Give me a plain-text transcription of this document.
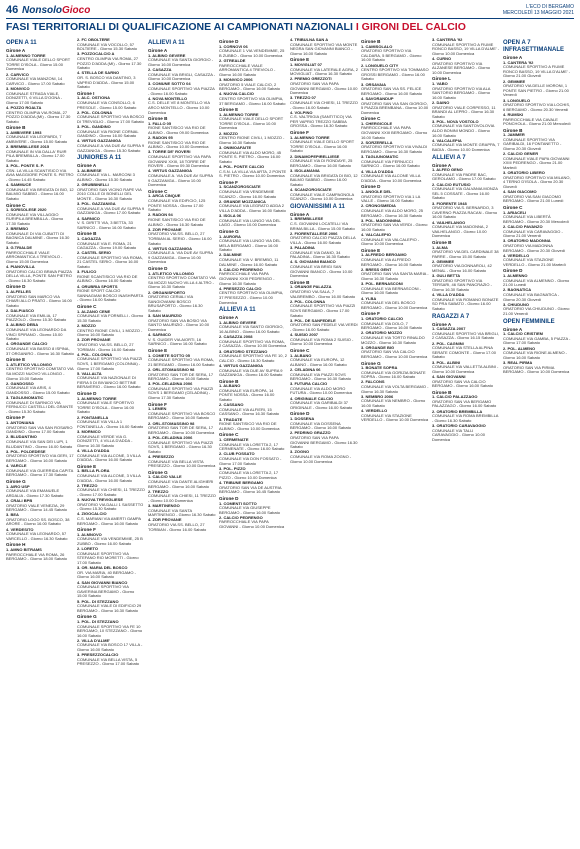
46 NonsoloGioco	L'ECO DI BERGAMO
MERCOLEDÌ 13 MAGGIO 2021
FASI TERRITORIALI DI QUALIFICAZIONE AI CAMPIONATI NAZIONALI I GIRONI DEL CALCIO
OPEN A 11
Girone A
1. ALMENNO TORRE
COMUNALE VIALE DELLO SPORT TORRE D'ISOLA - Giorno 15.00 Domenica
2. CARVICO
COMUNALE VIA MANZONI, 14 CARVICO - Giorno 17.00 Sabato
3. MONVICO
COMUNALE STRADA VIALE, DONIZETTI, 6 VILLA D'OGNA - Giorno 17.00 Sabato
4. POZZO ROALTA
CENTRO OLIMPIA VIA ROMA, 27 POZZO D'ADDA (MI) - Giorno 17.30 Sabato
Girone B
1. AMBIVERE 1993
COMUNALE VIA LEOPARDI, 7 AMBIVERE - Giorno 15.00 Sabato
2. BREMBILLESE 2015
COMUNALE IN VIA DALLA' RUIR PILA BREMBILLA - Giorno 17.00 Sabato
3. POL. PONTE S. P.
CSN. LA VILLA SCANTISICO VIA AVIA MAGGIORE PONTE S. PIETRO - Giorno 14.45 Sabato
4. SAMMUCE
COMUNALE VIA BRIGATA DI BIO, 12 BALMIO SABBIO - Giorno 16.00 Sabato
Girone C
1. SORISOLESE 2020
COMUNALE VIA VILLAGGIO RURIPILA BREMBILLA - Giorno 17.30 Sabato
2. BREMBO
COMUNALE DI VIA CUBATTI DI BAGNICA DALMINE - Giorno 16.30 Sabato
3. G.TRIALDE
PARROCCHIALE VIALE ARROMANTICA 4 TREVIOLO - Giorno 15.00 Domenica
4. PIANOVILLA
ORATORIO CALCIO BRAVA PIAZZA DELLA VILLA, PONTE SAN PIETRO - Giorno 16.30 Sabato
Girone D
1. ALFELLES
ORATORIO SAN MARCO VIA CHIARI ALLO PRATO - Giorno 16.00 Sabato
2. DALPIASCO
COMUNALE VIA EMILIA, 17 PIAZZOLO - Giorno 15.30 Sabato
3. ALBINO DEBA
COMUNALE VIA LEONARDO DA VINCI SPIRANO - Giorno 15.00 Sabato
4. ORGANDE CALCIO
COMUNALE VIA BASSO 8 ISPINA, 37 ORGANIRO - Giorno 16.30 Sabato
Girone E
1. ATLETICO VILLONGO
CENTRO SPORTIVO COMITATO VIA SA MOZZI NUOVO VILLONGO - Giorno 15.00 Sabato
2. GANDOSSO
COMUNALE VIA ARIS, 4 GANDOSSO - Giorno 15.00 Sabato
3. TAGLIUNOMATIC
COMUNALE DI SARNICO VIA FERNUCCI CASTELLI DEL GRANTE - Giorno 15.30 Sabato
Girone F
1. ANTONIANA
ORATORIO SAN VIA SAN ROSARIO GANDINO - Giorno 17.00 Sabato
2. BLUDANTINO
COMUNALE VIA SAN DEI LUPI, 1 BLUDANTINO - Giorno 16.00 Sabato
3. POL. POLDEDESE
ORATORIO SPORTIVO VIA GERI, 17 BERGAMO - Giorno 16.00 Sabato
4. VARCLE
COMUNALE VIA GUERRIDA CAPITA BERGAMO - Giorno 17.30 Sabato
Girone G
1. AIRO USP
COMUNALE VIA EMANUELE ARDALIA - Giorno 17.30 Sabato
2. CRALI BPB
ORATORIO VIALE VENEZIA, 29 BERGAMO - Giorno 14.45 Sabato
3. BEA
ORATORIO LOGO SS. BOSCO, 38 ARORE - Giorno 16.00 Sabato
4. VERDESITO
COMUNALE VIA LEONARDO, 57 VARCELLO - Giorno 16.30 Sabato
Girone H
1. AMNO BITRAMS
PARROCCHIALE VIA ROMA, 26 BERGAMO - Giorno 18.00 Sabato
2. FC OBOLTERE
COMUNALE VIA VOCOLLO, 57 BOLTIERE - Giorno 15.30 Sabato
3. POZZOCALCIO A
CENTRO OLIMPIA VIA ROMA, 27 POZZO D'ADDA (MI) - Giorno 17.30 Sabato
4. STELLA DE SARNO
OR. S. BOSCO VIA DANTINO, 3 VAPRIO D'ADDA - Giorno 15.00 Sabato
Girone I
1. ALC. OSTIONA
COMUNALE VIA CONSOLLO, 6 PRESOLE - Giorno 15.00 Sabato
2. POL. COLONNA
COMUNALE SPORTIVO VIA BOSCO DI TREVIGLIO - Giorno 17.00 Sabato
3. POL. GANDINO
COMUNALE VIA RIONE CORNAL GANDINO - Giorno 16.00 Sabato
4. VIRTUS GAZZANIGA
COMUNALE A.VIA DUE AV SUPRA 9 GAZZANIGA - Giorno 15.30 Sabato
JUNIORES A 11
Girone A
1. ALBINESE
COMUNALE VIA L. MARCONI 3 ALBINO - Giorno 15.30 Sabato
2. GRUBBINELLI
ORATORIO SAN VICINO RAPE VIA 2010 COLLE DI BONELLI DEL MONTE - Giorno 16.30 Sabato
3. POL. GAZZANIGA
COMUNALE A.VIA DUE AV SUPRA 9 GAZZANIGA - Giorno 17.00 Sabato
4. SARNICO
V. S. DIRITTI VIA, 3 BETTA, 33 SARNICO - Giorno 16.00 Sabato
Girone B
1. CAGAZZA
COMUNALE VIA E. ROMA, 21 CAGAZZA - Giorno 19.00 Sabato
2. CASTEL SERIO
COMUNALE SPORTIVO VIA ROMA, 21 CASTEL SERIO - Giorno 16.00 Sabato
3. FULICO
RIONE SCANTISICO VIA RIO DE ALBINO - Giorno 16.00 Sabato
4. ORUBRIA SPORTS
RIONE SPORT CALCIO SANNAGIANI BOSCO INASHPARTA - Giorno 16.00 Sabato
Girone C
1. ALZANO CENE
COMUNALE VIA FORNELLI - Giorno 15.30 Sabato
2. MOZZO
CENTRO RIONE CIVILI, 1 MOZZO - Giorno 16.00 Sabato
3. ZOR PROVANE
ORATORIO VIA SS. BELLO, 27 TORBIAN - Giorno 16.00 Sabato
4. POL. COLONNA
COMUNALE SPORTIVO VIA PIAZZI SOVS, 1 BERGAMO (COLONNA) - Giorno 17.00 Sabato
5. VALLALTA
COMUNALE VIA NAZIONALE DI FIERA 5 DI BIVIANICO BETTINE BERAVERIO - Giorno 16.00 Sabato
Girone D
1. ALMENNO TORRE
COMUNALE VIALE SPORTIVO TORRE D'ISOLA - Giorno 16.00 Sabato
2. FONTANELLA
COMUNALE VIA VILLA 1 FONTANELLA - Giorno 16.00 Sabato
3. MORNICO
COMUNALE VERDE VIA G. DONIZETTI, 4 VILLA D'ADDA - Giorno 16.30 Sabato
4. VILLA D'ADDA
COMUNALE VIA ALCONE, 3 VILLA D'ADDA - Giorno 16.00 Sabato
Girone E
1. BELLA FLORA
COMUNALE VIA ALCONE, 3 VILLA D'ADDA - Giorno 16.00 Sabato
2. TREZZO
COMUNALE VIA CHIESI, 11 TREZZO - Giorno 17.00 Sabato
3. NUOVA TREVIGLIESE
ORATORIO VIA DALLI 1 SASSETTO - Giorno 15.30 Sabato
4. ZIGOCALCIO
C.S. MARIANI VIA AMERTI GAMPA BERGAMO - Giorno 16.00 Sabato
Girone F
1. ALMNOVO
COMUNALE VIA VENDEMMIE, 25 B ZUBBO - Giorno 16.00 Sabato
2. LORETO
COMUNALE SPORTIVO VIA STEFANO RIO MORETTI - Giorno 17.00 Sabato
3. OR. MARIA DEL BOSCO
OR. VIA MARIA, 40 BERGAMO - Giorno 16.00 Sabato
4. SAN GIOVANNI BIANCO
COMUNALE SPORTIVO VIA GAVERINA BERGAMO - Giorno 15.00 Sabato
5. POL. DI STEZZANO
COMUNALE VIALE DI EDIFICIO 29 BERGAMO - Giorno 16.30 Sabato
Girone G
1. POL. DI STEZZANO
COMUNALE SPORTIVO VIA FE 10 BERGAMO, 10 STEZZANO - Giorno 16.00 Sabato
2. VILLA D'ALME'
COMUNALE VIA BOSCO 17 VILLA - Giorno 16.00 Sabato
3. PRESEZZOCALCIO
COMUNALE VIA BELLA VISTA, 5 PRESEZZO - Giorno 17.00 Sabato
ALLIEVI A 11
Girone A
1. ALBINO GEVERE
COMUNALE VIA SANTA GIORGIO - Giorno 16.00 Domenica
2. CASAZZA
COMUNALE VIA BRIGLI, CASAZZA - Giorno 10.00 Domenica
3. COMUNE SOTTO 04
COMUNALE SPORTIVO VIA PIAZZA - Giorno 16.00 Sabato
4. NOVA MONTELLO
C.S. DELLE VE 8 MONTELLO VIA ARCO MONTELLO - Giorno 10.00 Domenica
Girone B
1. FALLO 05
RIONE SANTISICO VIA RIO DE ALBINO - Giorno 09.00 Domenica
2. RADON 95
RIONE SANTISICO VIA RIO DE ALBINO - Giorno 10.00 Domenica
3. TORRE DE' ROVERI
COMUNALE SPORTIVO VIA PAPA GIOVANNI XXIII, 18 TORRE DE' ROVERI - Giorno 09.30 Domenica
4. VIRTUS GAZZANIGA
COMUNALE A. VIA DUE AV SUPRA 9 GAZZANIGA - Giorno 10.00 Domenica
Girone C
1. ARCA CINQUE
COMUNALE VIA EDIFICIO, 125 PONTE NOSSA - Giorno 17.00 Sabato
2. RADON 94
RIONE SANTISICO VIA RIO DE ALBINO - Giorno 16.30 Sabato
3. ZOR PROVANE
ORATORIO VIA SS. BELLO, 27 TORBIAN AL SERIO - Giorno 16.00 Sabato
4. VIRTUS GAZZANIGA
COMUNALE A. VIA DUE AV SUPRA 9 GAZZANIGA - Giorno 10.00 Domenica
Girone D
1. ATLETICO VILLONGO
CENTRO SPORTIVO COMITATO VIA SA MOZZI NUOVO VILLA 4 ALTRO - Giorno 16.30 Sabato
2. ORGANISPORTO
ORATORIO CERIALI VIA SANGIOVANNI BOSCO BRUSAPORTO - Giorno 16.30 Sabato
3. SAN MAURIZIO
ORATORIO SAN VIA BOSIO VIA SANTO MAURIZIO - Giorno 10.00 Domenica
4. SARNICO
V. S. GUIDER VIA AIORTI, 16 SARNICO - Giorno 16.00 Sabato
Girone E
1. COMETE SOTTO 05
COMUNALE SPORTIVO VIA ROMA, 21 BERGAMO - Giorno 16.00 Sabato
2. ORL.STOMASSINO 98
ORATORIO SAN TOR DE SERA, 17 BERGAMO - Giorno 16.00 Sabato
3. POL.CELADINA 2006
COMUNALE SPORTIVO VIA PIAZZI SOVS 1 BERGAMO (CELADINA) - Giorno 17.30 Sabato
Girone F
1. LEMEN
COMUNALE SPORTIVO VIA BOSCO BERGAMO - Giorno 16.00 Sabato
2. ORL.STOMASSINO 98
ORATORIO SAN TOR DE SERA, 17 BERGAMO - Giorno 10.00 Domenica
3. POL.CELADINA 2006
COMUNALE SPORTIVO VIA PIAZZI SOVS, 1 BERGAMO - Giorno 16.30 Sabato
4. PRESEZZO
COMUNALE VIA BELLA VISTA PRESEZZO - Giorno 10.00 Domenica
Girone G
1. CALCIO VALLE
COMUNALE VIA DANTE ALIGHIERI BERGAMO - Giorno 16.00 Sabato
2. TREZZO
COMUNALE VIA CHIESI, 11 TREZZO - Giorno 10.00 Domenica
3. MARTINENGO
COMUNALE VIA SANTA MARTINENGO - Giorno 16.30 Sabato
4. ZOR PROVANE
ORATORIO VIA SS. BELLO, 27 TORBIAN - Giorno 16.00 Sabato
Girone D
1. CORNOVI 06
COMUNALE 1 VIA VENDEMMIE, 25 B ZUBBO - Giorno 10.00 Domenica
2. GTREALDE
PARROCCHIALE VIALE ARROMANTICA 4 TREVIOLO - Giorno 16.00 Sabato
3. MONVICO 2006
ORATORIO 5 VIALE CALCIO, 2 BERGAMO - Giorno 16.00 Sabato
4. NUOVA CALCIO
CENTRO SPORTIVO VIA OLIMPIA, 37 BERGAMO - Giorno 16.00 Sabato
Girone E
1. ALMENNO TORRE
COMUNALE VIALE DELLO SPORT TORRE D'ISOLA - Giorno 10.00 Domenica
2. MOZZO
CENTRO RIONE CIVILI, 1 MOZZO - Giorno 16.30 Sabato
3. ONIMOAFAITE
COMUNALE VIA ALDO MORO, 45 PONTE S. PIETRO - Giorno 16.00 Sabato
4. POL. PONTE CALCIO
C.S.N. LA VILLA VIA ARTA, 2 PONTE S. PIETRO - Giorno 10.00 Domenica
Girone F
1. SCANZOROSCIATE
COMUNALE VIA VENDEMMIE SCANZO - Giorno 16.00 Sabato
2. GRANDE MOZZANICA
COMUNALE VIA LEGRATO ADDA 2 VILLA D'ADDA - Giorno 16.00 Sabato
3. ISOLA 06
COMUNALE VIA LUNGO VIA DEL LAGO - Giorno 10.00 Domenica
Girone G
1. AURORA
COMUNALE VIA LUNGO VIA DEL MELA BERGAMO - Giorno 16.00 Sabato
2. DALMINE
COMUNALE VIA V. BREMBO, 11 DALMINE - Giorno 16.00 Sabato
3. CALCIO PEDRENGO
PARROCCHIALE VIA PAPA GIOVANNI XXIII PEDRENGO - Giorno 16.30 Sabato
4. PRESEZZO CALCIO
CENTRO SPORTIVO VIA OLIMPIA, 37 PRESEZZO - Giorno 10.00 Domenica
ALLIEVI A 11
Girone A
1. ALBINO GEVERE
COMUNALE VIA SANTO GIORGIO, 16 ALBINO - Giorno 16.00 Sabato
2. CASAZZA 2008
COMUNALE SPORTIVO VIA ROMA, 2 CASAZZA - Giorno 10.00 Domenica
3. ORATORIO STEZZANO
COMUNALE SPORTIVO VIA FE 10, 2 CALCIO - Giorno 16.30 Sabato
4. VIRTUS GAZZANIGA
COMUNALE VIA DUE AV SUPRA 9 GAZZANIGA - Giorno 16.00 Sabato
Girone B
1. ALBANO
COMUNALE VIA EUROPA, 14 PONTE NOSSA - Giorno 16.00 Sabato
2. CASSANO
COMUNALE VIA ALFIERI, 15 CASSANO - Giorno 16.30 Sabato
3. TRADATE
RIONE SANTISICO VIA RIO DE ALBINO - Giorno 10.00 Domenica
Girone C
1. CERMENATE
COMUNALE VIA LORETTA 2, 17 CERMENATE - Giorno 16.00 Sabato
2. CLUB FOSSATO
COMUNALE VIA DON FOSSATO - Giorno 17.00 Sabato
3. POL. PIZZO
COMUNALE VIA LORETTA 2, 17 PIZZO - Giorno 10.00 Domenica
4. TRIBUNE BERGAMO
ORATORIO SAN VIA DE AUSTRIA BERGAMO - Giorno 16.45 Sabato
Girone D
1. COMENTI SOTTO
COMUNALE VIA GIUSEPPE BERGAMO - Giorno 16.00 Sabato
2. CALCIO PEDRENGO
PARROCCHIALE VIA PAPA GIOVANNI - Giorno 10.00 Domenica
4. TRIBULNA SAN A
COMUNALE SPORTIVO VIA MONTE NEGRA SAN GIOVANNI BIANCO - Giorno 16.00 Sabato
Girone E
1. MOVIGLIAT 07
COMUNALE VIA LATERALE AGRA, 2 MOVIGLIAT - Giorno 16.30 Sabato
2. PREMIO GREZZOTI
ORATORIO SAN VIA PAPA GIOVANNI BERGAMO - Giorno 10.00 Domenica
3. TREZZO 07
COMUNALE VIA CHIESI, 11 TREZZO - Giorno 16.00 Sabato
4. VOLPINO
C.S. VALTRIGIA (SANTITICO) VIA PER VAPRIO TREZZO SABBIA GROSSA - Giorno 16.30 Sabato
Girone F
1. ALMENNO TORRE
COMUNALE VIALE DELLO SPORT TORRE D'ISOLA - Giorno 16.00 Sabato
2. DINAMOPEPIRELLIESE
COMUNALE VIA DI RONDAYE, 25 BERGAMO - Giorno 16.00 Sabato
3. ISOLAMANIA
COMUNALE VIA BRIGATA DI BIO, 12 BALMO SABBIO - Giorno 16.00 Sabato
4. SCANZOROSCIATE
COMUNALE VIALE CAMPAGNOLA SCANZO - Giorno 10.00 Domenica
GIOVANISSIMI A 11
Girone A
1. BREMBILLESE
C.S. GIOVANNI LOCATELLI VIA BRIMA BILLA - Giorno 15.00 Sabato
2. FIORENTALLESE 2006
ORATORIO CALCIO PIAZZA DELLA VILLA - Giorno 16.00 Sabato
3. PALADINA
COMUNALE VIA DANIO, 34 PALADINA - Giorno 16.30 Sabato
4. S. GIOVANNI BIANCO
COMUNALE VIA BRIGI SAN GIOVANNI BIANCO - Giorno 10.00 Domenica
Girone B
1. ORANGE PALAZZA
ORATORIO VIA SALA, 7 VALBREMBO - Giorno 16.00 Sabato
2. POL. COLONNA
COMUNALE SPORTIVO VIA PIAZZI SOVS BERGAMO - Giorno 17.00 Sabato
3. POL. DE SANFEDELE
ORATORIO SAN FEDELE VIA VERDI - Giorno 16.00 Sabato
4. SUISIO 2007
COMUNALE VIA ROMA 2 SUISIO - Giorno 10.00 Domenica
Girone C
1. ALBANO
COMUNALE VIA EUROPA, 12 ALBANO - Giorno 16.00 Sabato
2. CELADINA 06
COMUNALE VIA PIAZZI SOVS BERGAMO - Giorno 16.30 Sabato
3. FUTURA CALCIO
COMUNALE VIA ALDO MORO FUTURA - Giorno 10.00 Domenica
4. ORIGINALE CALCIO
COMUNALE VIA GARIBALDI 37 ORIGINALE - Giorno 16.00 Sabato
Girone D
1. DOSSENA
COMUNALE VIA DOSSENA BERGAMO - Giorno 16.00 Sabato
2. PEDRINO GRAZZO
ORATORIO SAN VIA PAPA GIOVANNI BERGAMO - Giorno 16.30 Sabato
3. ZOGNO
COMUNALE VIA ROMA ZOGNO - Giorno 10.00 Domenica
Girone B
1. CAMISOLALO
ORATORIO SPORTIVO VIA CALDARA, 5 BERGAMO - Giorno 16.00 Sabato
2. LONGUELO CITY
CENTRO SPORTIVO VIA TOMMASO GROSSI BERGAMO - Giorno 16.00 Sabato
3. ORSAVAIA
ORATORIO SAN VIA SS. FELICE BERGAMO - Giorno 16.00 Sabato
4. SAVORANDUP
ORATORIO SAN VIA SAN GIORGIO, 5 PIAZZA BREMBANA - Giorno 10.00 Domenica
Girone C
1. CHERGICOLE
PARROCCHIALE VIA PAPA GIOVANNI XXIII BERGAMO - Giorno 16.00 Sabato
2. SORZERELLA
ORATORIO SPORTIVO VIA VIVALDI BERGAMO - Giorno 16.30 Sabato
3. TAGLIUNOMATIC
COMUNALE VIA FERNUCCI SARNICO - Giorno 16.00 Sabato
4. VILLA D'ADDA
COMUNALE VIA ALCONE VILLA D'ADDA - Giorno 10.00 Domenica
Girone D
1. ANGOLE DEL
ORATORIO SPORTIVO VIA 1 LA VALLE - Giorno 16.00 Sabato
2. CRONOSMEDIA
COMUNALE VIA ALDO MORO, 25 BERGAMO - Giorno 16.30 Sabato
3. POL. MADONNINA
ORATORIO SAN VIA VERDI - Giorno 16.00 Sabato
4. VALCALEPIO
COMUNALE VIA VALCALEPIO - Giorno 10.00 Domenica
Girone E
1. ALFREDO BERGAMO
COMUNALE VIA ALFREDO BERGAMO - Giorno 16.00 Sabato
2. BRESS GENT
ORATORIO SAN VIA SANTA MARIA - Giorno 16.30 Sabato
3. POL. BERNASCONI
COMUNALE VIA BERNASCONI - Giorno 16.00 Sabato
4. YLBA
COMUNALE VIA DEL BOSCO BERGAMO - Giorno 10.00 Domenica
Girone F
1. ORATORIO CALCIO
COMUNALE VIA DOLO, 7 BERGAMO - Giorno 16.00 Sabato
2. ORATORIO MOZZO
COMUNALE VIA TORTO RINALDO MOZZO - Giorno 16.30 Sabato
3. ORGANDE BIG
ORATORIO SAN VIA CALCIO BERGAMO - Giorno 10.00 Domenica
Girone G
1. BONATE SOPRA
COMUNALE VIA GORIZIA BONATE SOPRA - Giorno 16.00 Sabato
2. FALCONS
COMUNALE VIA VOLTA BERGAMO - Giorno 16.30 Sabato
3. NEMBRO 2006
COMUNALE VIA NEMBRO - Giorno 16.00 Sabato
4. VERDELLO
COMUNALE VIA STAZIONE VERDELLO - Giorno 10.00 Domenica
3. CANTERA '92
COMUNALE SPORTIVO A FIUME RONCO BASSO, 19 VILLA D'ALME' - Giorno 10.00 Domenica
4. CURNO
ORATORIO SPORTIVO VIA ALZANESE BERGAMO - Giorno 10.00 Domenica
Girone L
1. VABO
ORATORIO SPORTIVO VIA ALA SANTORIO BERGAMO - Giorno 16.00 Sabato
2. DAINO
ORATORIO VIALE CORPESSO, 11 BRANDI AL LEPRO - Giorno 16.30 Sabato
3. POL. NOVA VOSTOLO
COMUNALE VIA SANTOVOLOVIA ALDO BONINI MONDO - Giorno 16.00 Sabato
4. VALCALEPIA
COMUNALE VIA MONTE GRAPPA, 7 BADIA - Giorno 10.00 Domenica
ALLIEVI A 7
Girone A
1. ALFEO GENO
COMUNALE VIA PADRE BAC, GEROLAMO - Giorno 17.00 Sabato
2. CALCIO EUTUSIO
COMUNALE VIA GALVANIA MONZA SEL 5 COSSATE - Giorno 16.00 Sabato
3. FIORENTE 1948
ORATORIO VIA S. BERNARDO, 3 CAVERNO PIAZZA RACAN - Giorno 16.00 Sabato
4. VAILHELANGO
COMUNALE VIA MADONNA, 2 VAILHELANGO - Giorno 10.00 Domenica
Girone B
1. ALMA
ORATORIO VIA DEL CARDINALE 38 PARRE - Giorno 15.00 Sabato
2. GEMMEE
ORATORIO VIA DONNAROLI, 42 MENAL - Giorno 16.00 Sabato
3. GULI BETTA
ORATORIO SPORTIVO VIA TERSARI, 46 SAN PANCRAZIO - Giorno 16.30 Sabato
4. VILLA D'ADDA
COMUNALE VIA ROMANO BONATE SO PRA SABATO - Giorno 16.00 Sabato
RAGAZZI A 7
Girone A
1. CASAZZA 2007
COMUNALE SPORTIVO VIA BRIGLI, 2 CASAZZA - Giorno 16.15 Sabato
2. POL. CAGNINI
COMUNALE VIA STELLA ALPINA SERATE COMONTE - Giorno 17.00 Sabato
3. POL. ALBINI
COMUNALE VIA VALLETTA ALBINI - Giorno 10.00 Domenica
4. SAN GIOVANNI
ORATORIO SAN VIA CALCIO BERGAMO - Giorno 16.00 Sabato
Girone B
1. CALCIO PALAZZAGO
ORATORIO SAN VIA BERGAMO PALAZZAGO - Giorno 16.00 Sabato
2. ORATORIO BREMBILLA
COMUNALE VIA ROMA BREMBILLA - Giorno 16.30 Sabato
3. ORATORIO CARAVAGGIO
COMUNALE VIA TALLI CARAVAGGIO - Giorno 10.00 Domenica
OPEN A 7 INFRASETTIMANALE
Girone A
1. CANTERA '92
COMUNALE SPORTIVO A FIUME RONCO BASSO, 19 VILLA D'ALME' - Giorno 21.00 Giovedì
2. GEMMEE
ORATORIO VIA DELLE MORONI, 1 PONTE SAN PIETRO - Giorno 21.00 Venerdì
3. LONGUELO
ORATORIO SPORTIVO VIA LOCHIS, 6 BERGAMO - Giorno 20.30 Venerdì
4. RUMSKI
PARROCCHIALE VIA CAVALE PONCHOLA - Giorno 21.00 Mercoledì
Girone B
1. JAMMER
COMUNALE SPORTIVO VIA GARIBALDI, 16 FONTANETTO - Giorno 20.30 Giovedì
2. CALCIO GENER
COMUNALE VIALE PAPA GIOVANNI XXIII PEDRENGO - Giorno 21.00 Martedì
3. ORATORIO LIBERO
ORATORIO SPORTIVO VIA MILANO, 4 TERNO D'ISOLA - Giorno 20.30 Giovedì
4. SAN GIACOMO
ORATORIO VIA SAN GIACOMO BERGAMO - Giorno 21.00 Lunedì
Girone C
1. ARIACELI
COMUNALE VIA LIBERTÀ BERGAMO - Giorno 20.30 Mercoledì
2. CALCIO PAVANZO
COMUNALE VIA CARAVAGGIO - Giorno 21.00 Venerdì
3. ORATORIO MADONNA
ORATORIO VIA MADONNA BERGAMO - Giorno 20.30 Giovedì
4. VERDELLO
COMUNALE VIA STAZIONE VERDELLO - Giorno 21.00 Martedì
Girone D
1. ALMENNO
COMUNALE VIA ALMENNO - Giorno 21.00 Lunedì
2. BAGNATICA
COMUNALE VIA BAGNATICA - Giorno 20.30 Giovedì
3. CHIUDUNO
ORATORIO VIA CHIUDUNO - Giorno 21.00 Venerdì
OPEN FEMMINILE
Girone A
1. CALCIO CRISTIEM
COMUNALE VIA GAMBA, 5 PIAZZA - Giorno 17.00 Sabato
2. POL. ALMENO
COMUNALE VIA RIONE ALMENO - Giorno 16.00 Sabato
3. REAL PIRMA
ORATORIO SAN VIA PIRMA BERGAMO - Giorno 10.00 Domenica
